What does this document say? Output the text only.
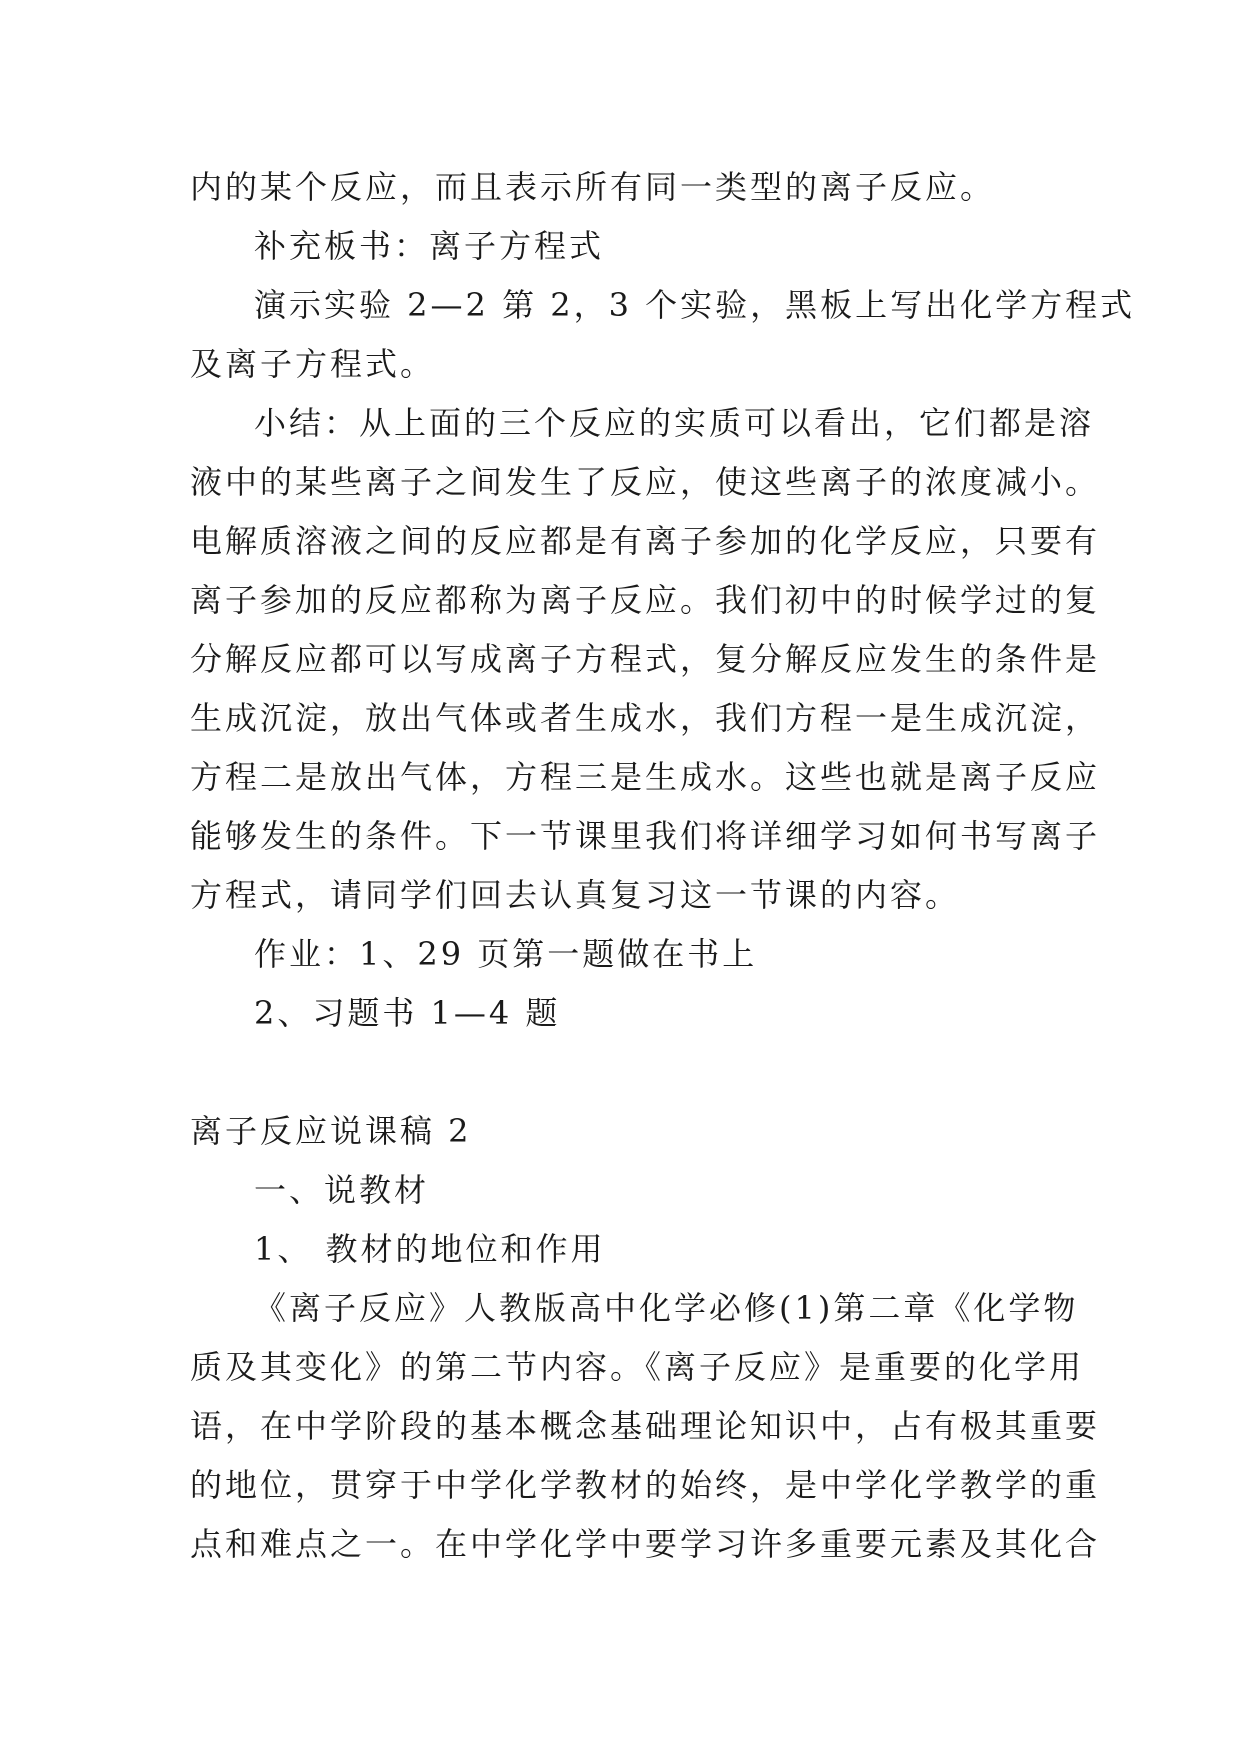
内的某个反应，而且表示所有同一类型的离子反应。
补充板书：离子方程式
演示实验 2—2 第 2，3 个实验，黑板上写出化学方程式
及离子方程式。
小结：从上面的三个反应的实质可以看出，它们都是溶
液中的某些离子之间发生了反应，使这些离子的浓度减小。
电解质溶液之间的反应都是有离子参加的化学反应，只要有
离子参加的反应都称为离子反应。我们初中的时候学过的复
分解反应都可以写成离子方程式，复分解反应发生的条件是
生成沉淀，放出气体或者生成水，我们方程一是生成沉淀，
方程二是放出气体，方程三是生成水。这些也就是离子反应
能够发生的条件。下一节课里我们将详细学习如何书写离子
方程式，请同学们回去认真复习这一节课的内容。
作业：1、29 页第一题做在书上
2、习题书 1—4 题
离子反应说课稿 2
一、说教材
1、 教材的地位和作用
《离子反应》人教版高中化学必修(1)第二章《化学物
质及其变化》的第二节内容。《离子反应》是重要的化学用
语，在中学阶段的基本概念基础理论知识中，占有极其重要
的地位，贯穿于中学化学教材的始终，是中学化学教学的重
点和难点之一。在中学化学中要学习许多重要元素及其化合
